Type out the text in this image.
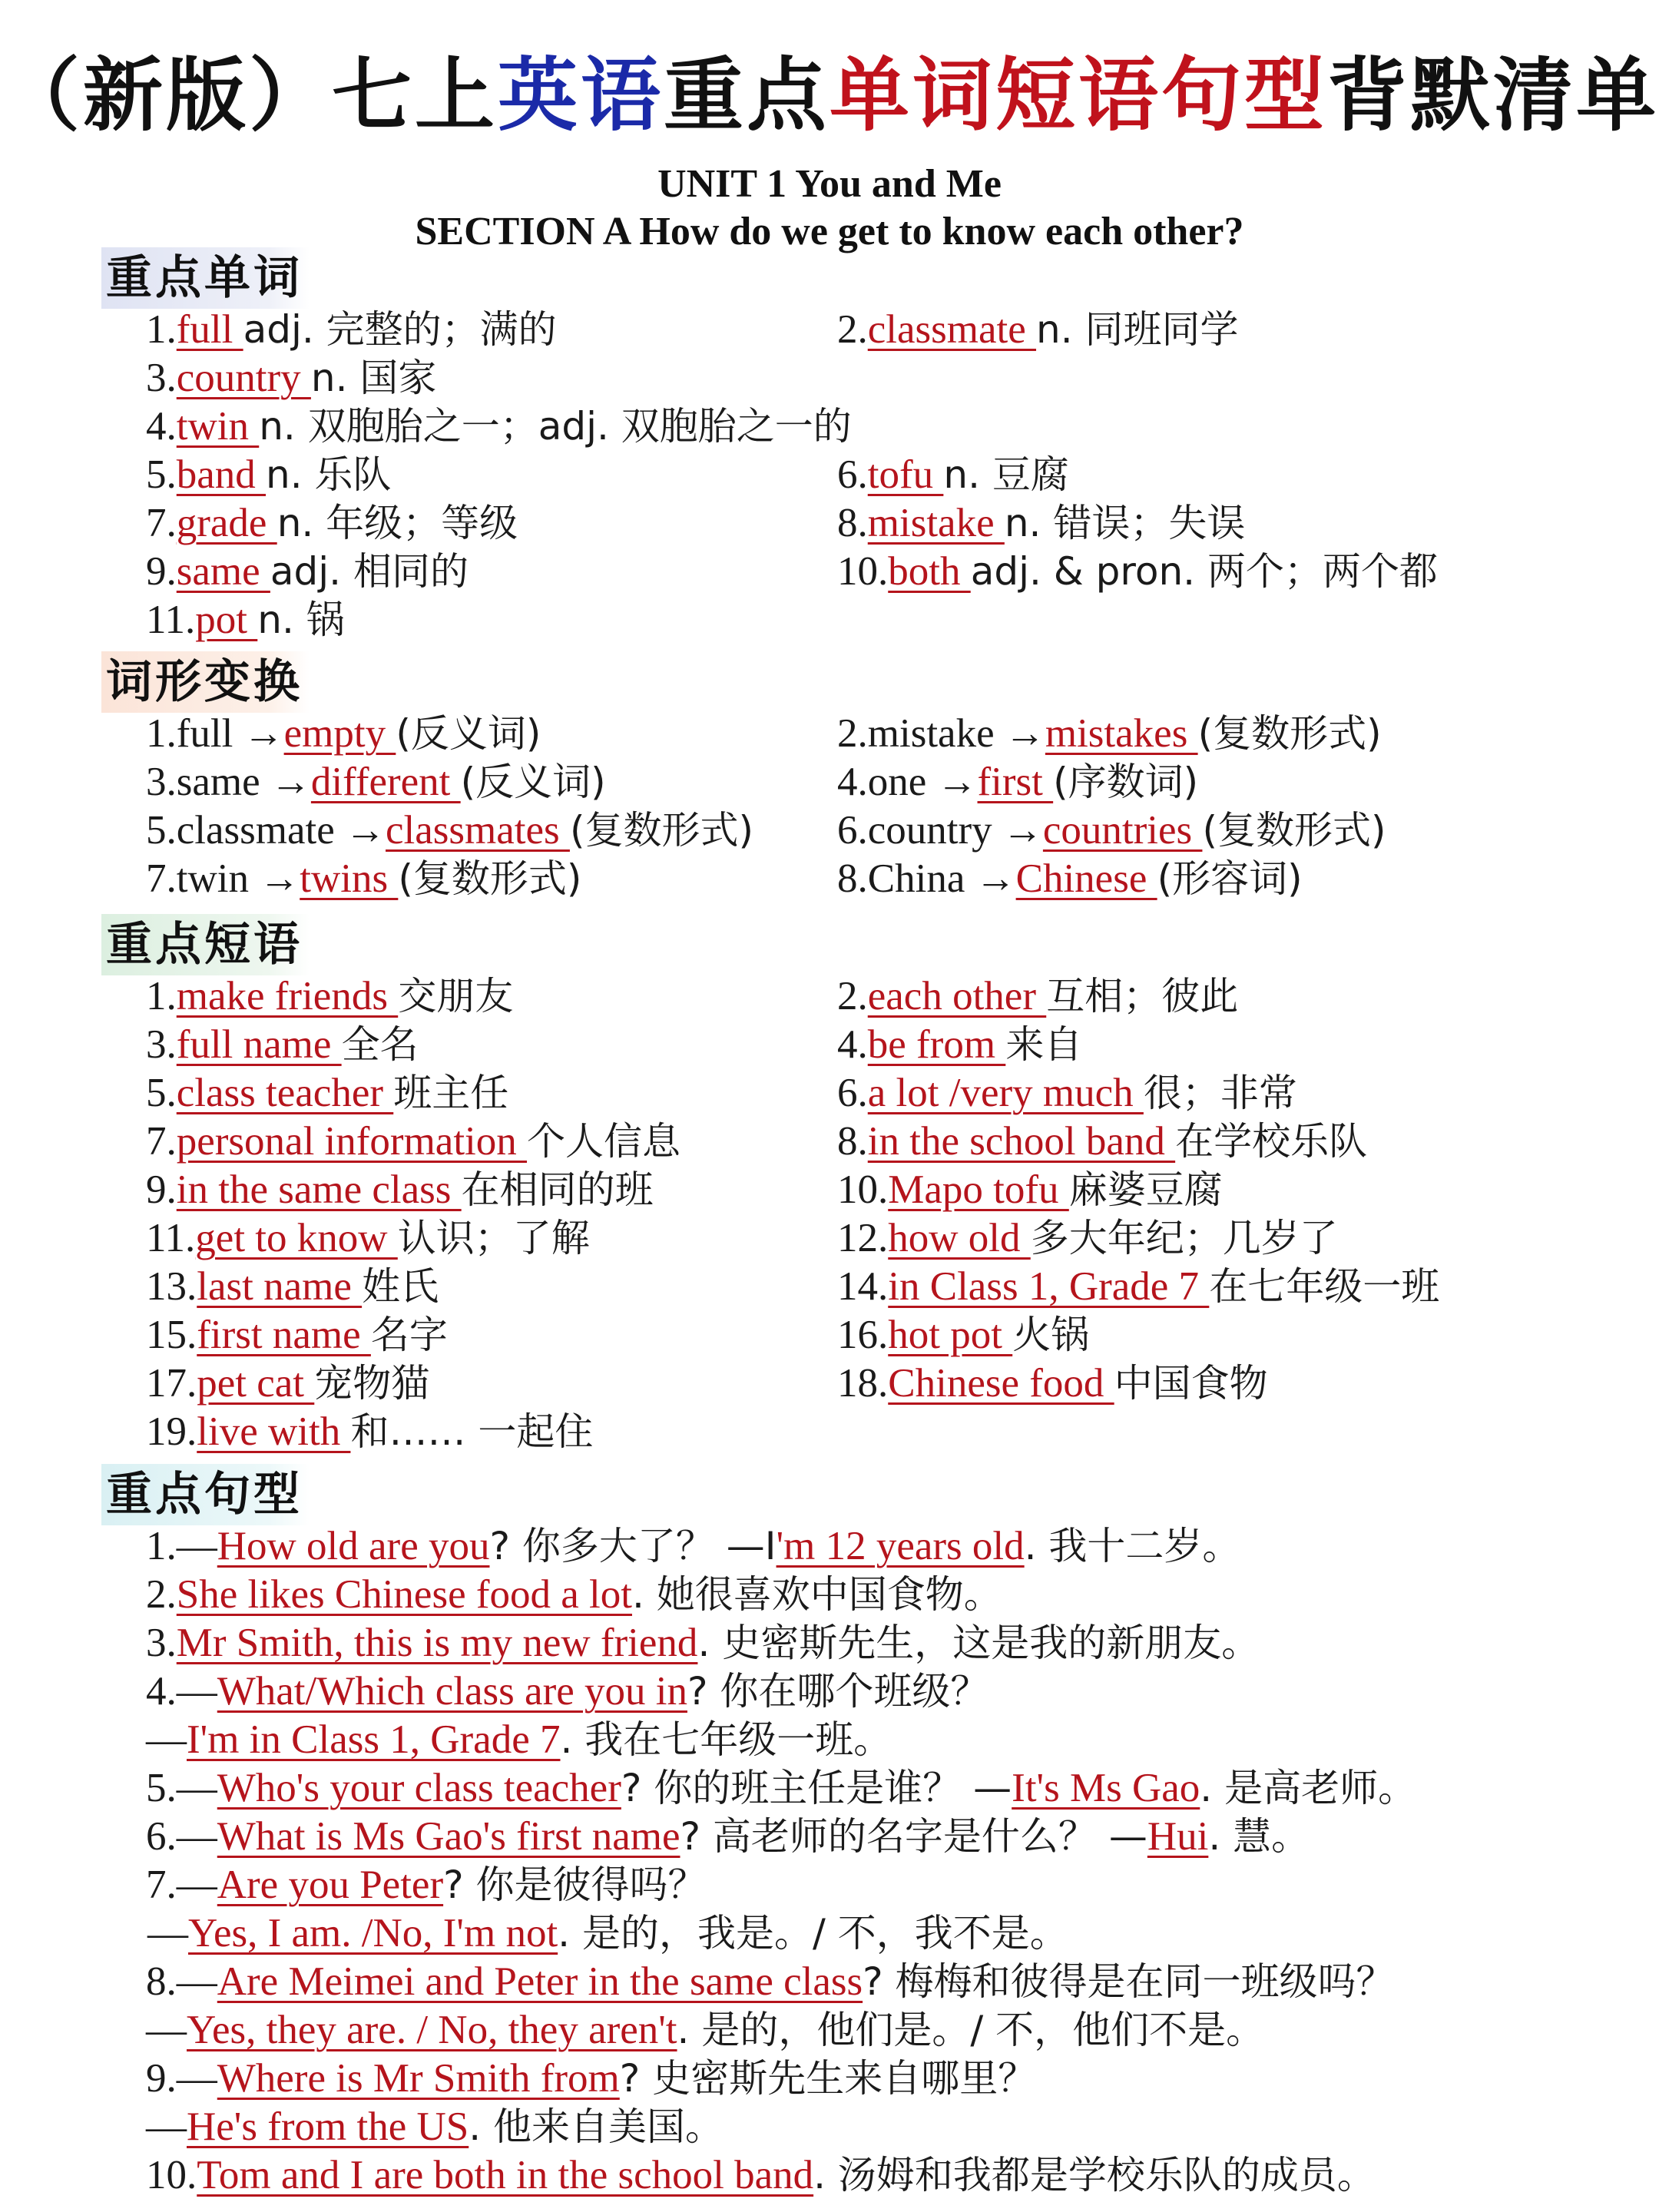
（新版）七上英语重点单词短语句型背默清单
UNIT 1 You and Me
SECTION A How do we get to know each other?
重点单词
1.full adj. 完整的；满的	2.classmate n. 同班同学
3.country n. 国家
4.twin n. 双胞胎之一；adj. 双胞胎之一的
5.band n. 乐队	6.tofu n. 豆腐
7.grade n. 年级；等级	8.mistake n. 错误；失误
9.same adj. 相同的	10.both adj. & pron. 两个；两个都
11.pot n. 锅
词形变换
1.full →empty (反义词)	2.mistake →mistakes (复数形式)
3.same →different (反义词)	4.one →first (序数词)
5.classmate →classmates (复数形式) 6.country →countries (复数形式)
7.twin →twins (复数形式)	8.China →Chinese (形容词)
重点短语
1.make friends 交朋友	2.each other 互相；彼此
3.full name 全名	4.be from 来自
5.class teacher 班主任	6.a lot /very much 很；非常
7.personal information 个人信息	8.in the school band 在学校乐队
9.in the same class 在相同的班	10.Mapo tofu 麻婆豆腐
11.get to know 认识；了解	12.how old 多大年纪；几岁了
13.last name 姓氏	14.in Class 1, Grade 7 在七年级一班
15.first name 名字	16.hot pot 火锅
17.pet cat 宠物猫	18.Chinese food 中国食物
19.live with 和…… 一起住
重点句型
1.—How old are you? 你多大了？ —I'm 12 years old. 我十二岁。
2.She likes Chinese food a lot. 她很喜欢中国食物。
3.Mr Smith, this is my new friend. 史密斯先生，这是我的新朋友。
4.—What/Which class are you in? 你在哪个班级？
—I'm in Class 1, Grade 7. 我在七年级一班。
5.—Who's your class teacher? 你的班主任是谁？ —It's Ms Gao. 是高老师。
6.—What is Ms Gao's first name? 高老师的名字是什么？ —Hui. 慧。
7.—Are you Peter? 你是彼得吗？
—Yes, I am. /No, I'm not. 是的，我是。/ 不，我不是。
8.—Are Meimei and Peter in the same class? 梅梅和彼得是在同一班级吗？
—Yes, they are. / No, they aren't. 是的，他们是。/ 不，他们不是。
9.—Where is Mr Smith from? 史密斯先生来自哪里？
—He's from the US. 他来自美国。
10.Tom and I are both in the school band. 汤姆和我都是学校乐队的成员。
